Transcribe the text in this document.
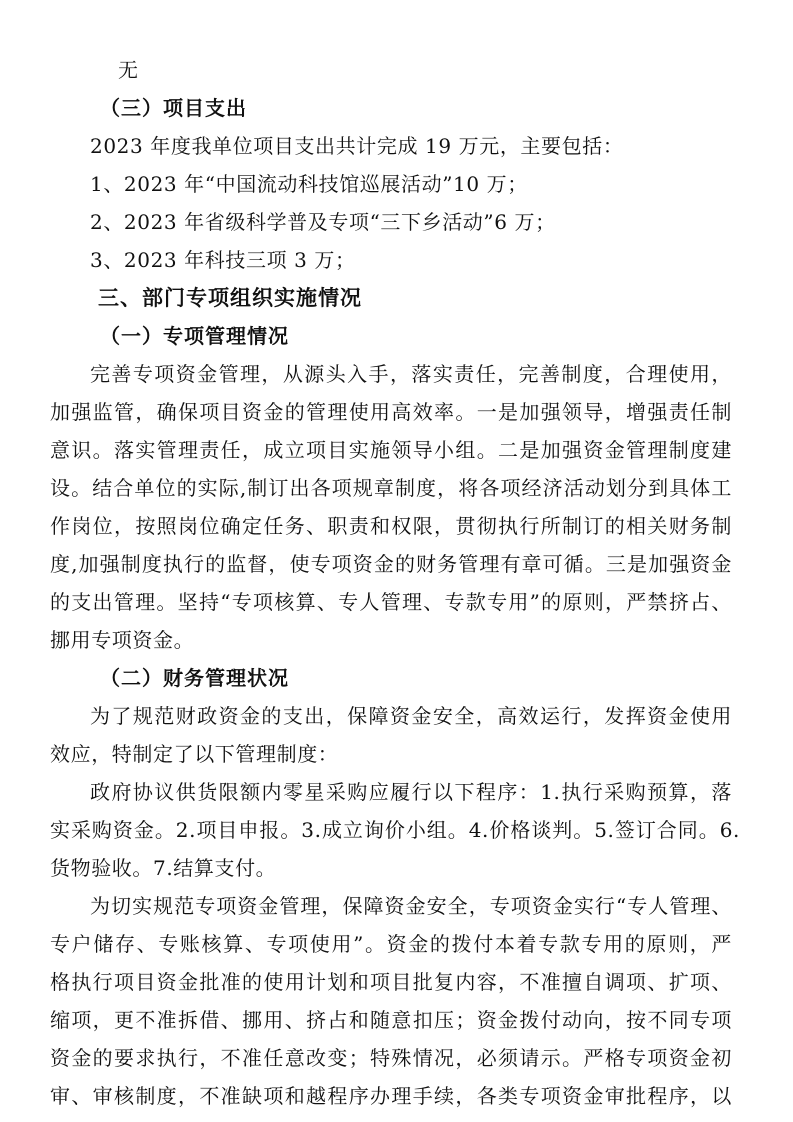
无
（三）项目支出
2023 年度我单位项目支出共计完成 19 万元，主要包括：
1、2023 年“中国流动科技馆巡展活动”10 万；
2、2023 年省级科学普及专项“三下乡活动”6 万；
3、2023 年科技三项 3 万；
三、部门专项组织实施情况
（一）专项管理情况
完善专项资金管理，从源头入手，落实责任，完善制度，合理使用，
加强监管，确保项目资金的管理使用高效率。一是加强领导，增强责任制
意识。落实管理责任，成立项目实施领导小组。二是加强资金管理制度建
设。结合单位的实际,制订出各项规章制度，将各项经济活动划分到具体工
作岗位，按照岗位确定任务、职责和权限，贯彻执行所制订的相关财务制
度,加强制度执行的监督，使专项资金的财务管理有章可循。三是加强资金
的支出管理。坚持“专项核算、专人管理、专款专用”的原则，严禁挤占、
挪用专项资金。
（二）财务管理状况
为了规范财政资金的支出，保障资金安全，高效运行，发挥资金使用
效应，特制定了以下管理制度：
政府协议供货限额内零星采购应履行以下程序：1.执行采购预算，落
实采购资金。2.项目申报。3.成立询价小组。4.价格谈判。5.签订合同。6.
货物验收。7.结算支付。
为切实规范专项资金管理，保障资金安全，专项资金实行“专人管理、
专户储存、专账核算、专项使用”。资金的拨付本着专款专用的原则，严
格执行项目资金批准的使用计划和项目批复内容，不准擅自调项、扩项、
缩项，更不准拆借、挪用、挤占和随意扣压；资金拨付动向，按不同专项
资金的要求执行，不准任意改变；特殊情况，必须请示。严格专项资金初
审、审核制度，不准缺项和越程序办理手续，各类专项资金审批程序，以
